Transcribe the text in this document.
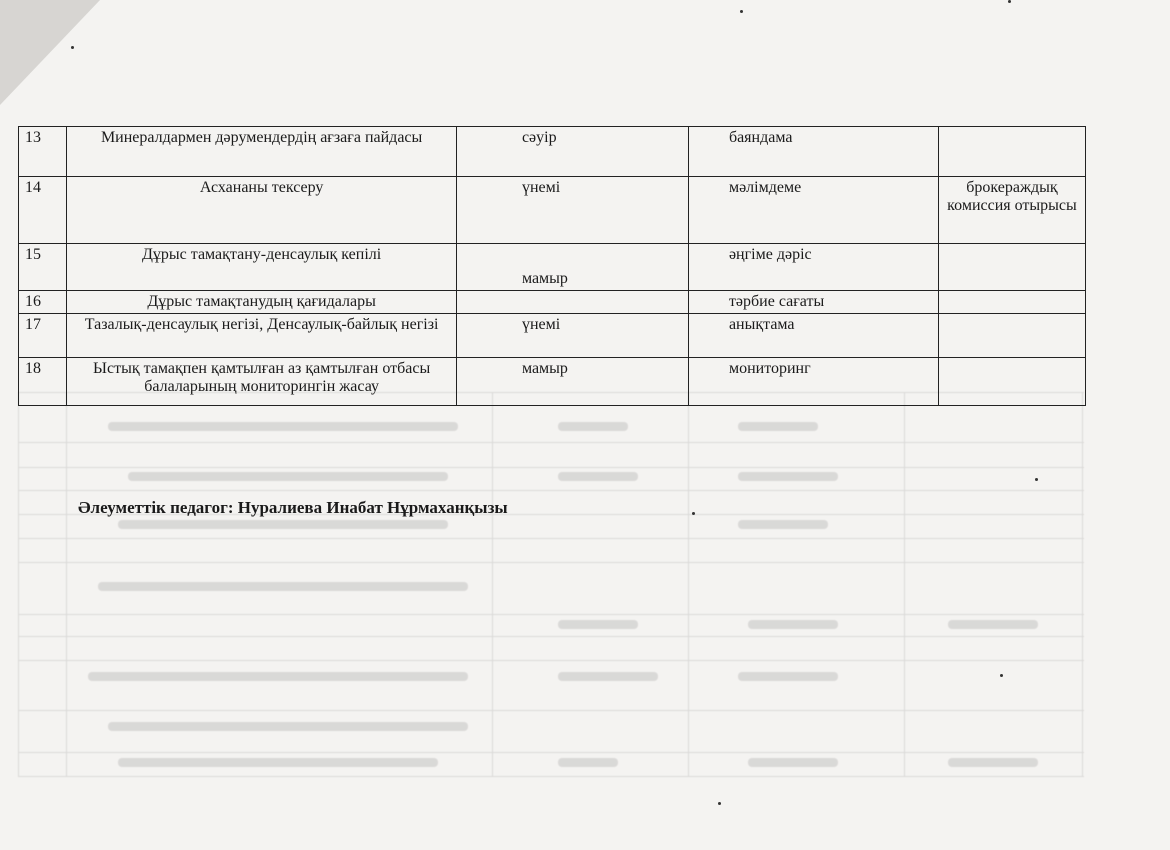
13	Минералдармен дәрумендердің ағзаға пайдасы	сәуір	баяндама	
14	Асхананы тексеру	үнемі	мәлімдеме	брокераждық комиссия отырысы
15	Дұрыс тамақтану-денсаулық кепілі	мамыр	әңгіме дәріс	
16	Дұрыс тамақтанудың қағидалары		тәрбие сағаты	
17	Тазалық-денсаулық негізі, Денсаулық-байлық негізі	үнемі	анықтама	
18	Ыстық тамақпен қамтылған аз қамтылған отбасы балаларының мониторингін жасау	мамыр	мониторинг	
Әлеуметтік педагог: Нуралиева Инабат Нұрмаханқызы
